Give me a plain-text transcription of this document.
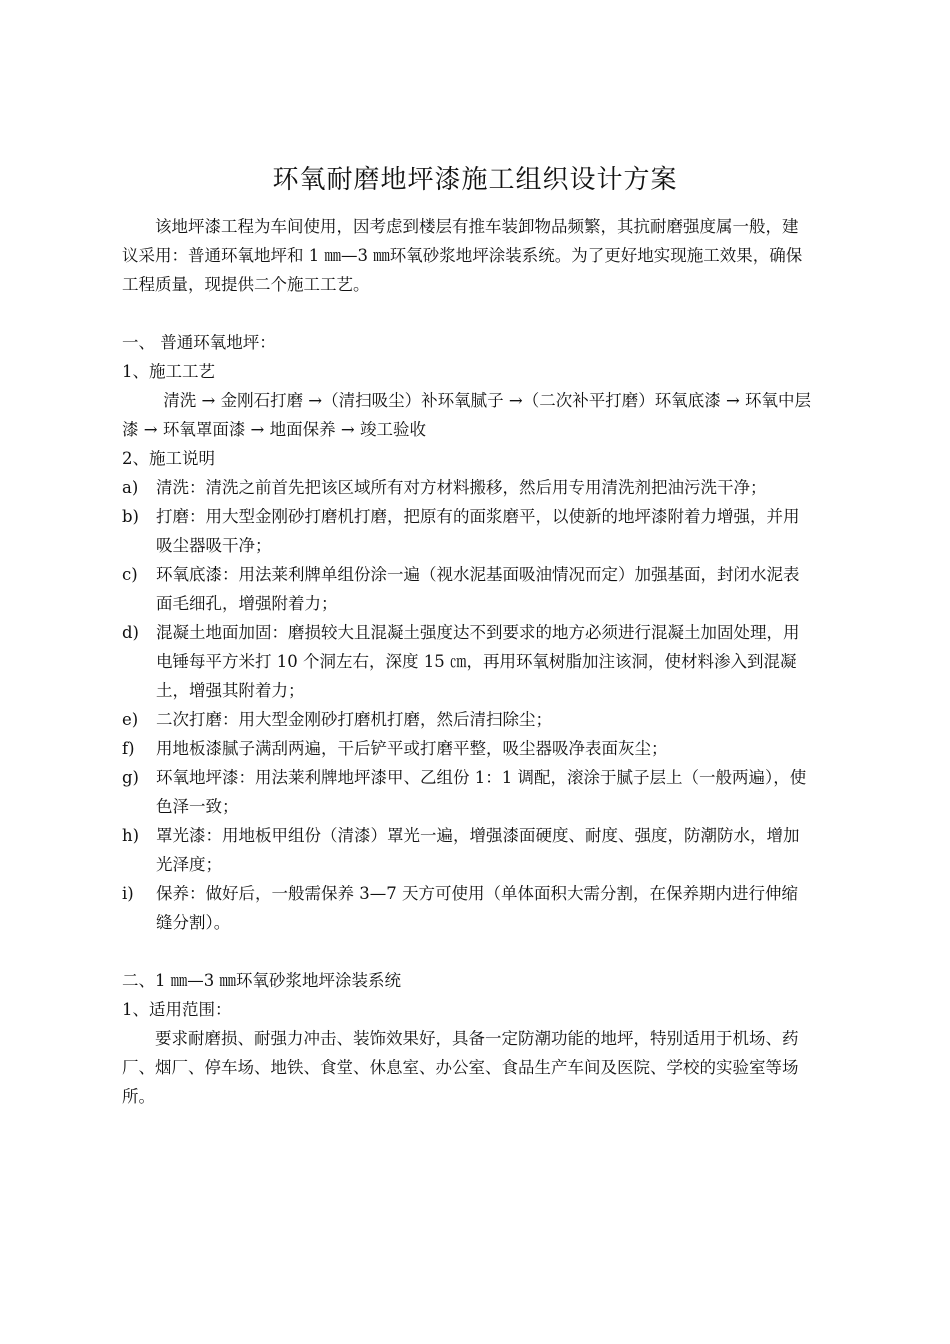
环氧耐磨地坪漆施工组织设计方案

该地坪漆工程为车间使用，因考虑到楼层有推车装卸物品频繁，其抗耐磨强度属一般，建议采用：普通环氧地坪和 1 ㎜—3 ㎜环氧砂浆地坪涂装系统。为了更好地实现施工效果，确保工程质量，现提供二个施工工艺。

一、 普通环氧地坪：

1、施工工艺

清洗 → 金刚石打磨 →（清扫吸尘）补环氧腻子 →（二次补平打磨）环氧底漆 → 环氧中层漆 → 环氧罩面漆 → 地面保养 → 竣工验收

2、施工说明

a)	清洗：清洗之前首先把该区域所有对方材料搬移，然后用专用清洗剂把油污洗干净；
b)	打磨：用大型金刚砂打磨机打磨，把原有的面浆磨平，以使新的地坪漆附着力增强，并用吸尘器吸干净；
c)	环氧底漆：用法莱利牌单组份涂一遍（视水泥基面吸油情况而定）加强基面，封闭水泥表面毛细孔，增强附着力；
d)	混凝土地面加固：磨损较大且混凝土强度达不到要求的地方必须进行混凝土加固处理，用电锤每平方米打 10 个洞左右，深度 15 ㎝，再用环氧树脂加注该洞，使材料渗入到混凝土，增强其附着力；
e)	二次打磨：用大型金刚砂打磨机打磨，然后清扫除尘；
f)	用地板漆腻子满刮两遍，干后铲平或打磨平整，吸尘器吸净表面灰尘；
g)	环氧地坪漆：用法莱利牌地坪漆甲、乙组份 1：1 调配，滚涂于腻子层上（一般两遍），使色泽一致；
h)	罩光漆：用地板甲组份（清漆）罩光一遍，增强漆面硬度、耐度、强度，防潮防水，增加光泽度；
i)	保养：做好后，一般需保养 3—7 天方可使用（单体面积大需分割，在保养期内进行伸缩缝分割）。

二、1 ㎜—3 ㎜环氧砂浆地坪涂装系统

1、适用范围：

要求耐磨损、耐强力冲击、装饰效果好，具备一定防潮功能的地坪，特别适用于机场、药厂、烟厂、停车场、地铁、食堂、休息室、办公室、食品生产车间及医院、学校的实验室等场所。
